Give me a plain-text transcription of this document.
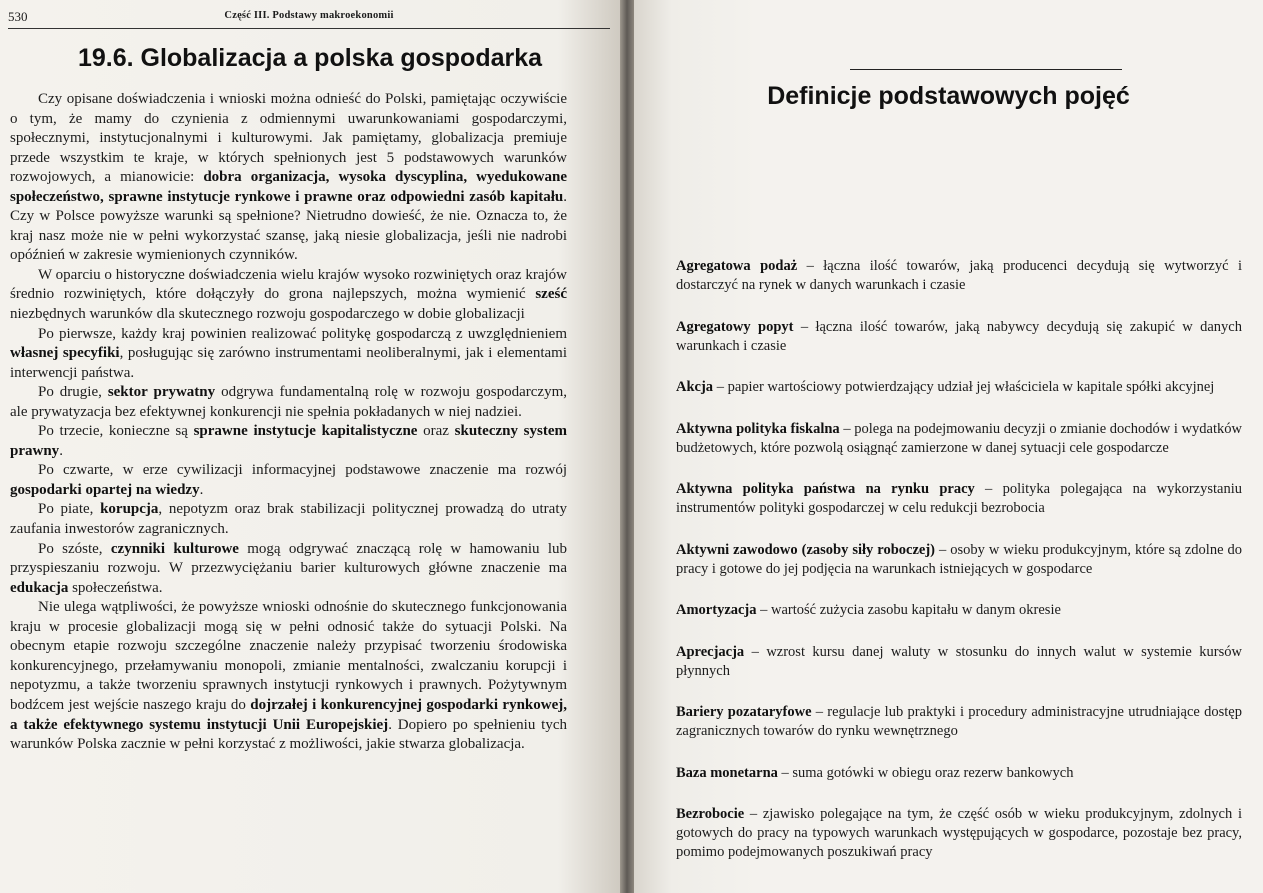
530	Część III. Podstawy makroekonomii
19.6. Globalizacja a polska gospodarka

Czy opisane doświadczenia i wnioski można odnieść do Polski, pamiętając oczywiście o tym, że mamy do czynienia z odmiennymi uwarunkowaniami gospodarczymi, społecznymi, instytucjonalnymi i kulturowymi. Jak pamiętamy, globalizacja premiuje przede wszystkim te kraje, w których spełnionych jest 5 podstawowych warunków rozwojowych, a mianowicie: dobra organizacja, wysoka dyscyplina, wyedukowane społeczeństwo, sprawne instytucje rynkowe i prawne oraz odpowiedni zasób kapitału. Czy w Polsce powyższe warunki są spełnione? Nietrudno dowieść, że nie. Oznacza to, że kraj nasz może nie w pełni wykorzystać szansę, jaką niesie globalizacja, jeśli nie nadrobi opóźnień w zakresie wymienionych czynników.

W oparciu o historyczne doświadczenia wielu krajów wysoko rozwiniętych oraz krajów średnio rozwiniętych, które dołączyły do grona najlepszych, można wymienić sześć niezbędnych warunków dla skutecznego rozwoju gospodarczego w dobie globalizacji

Po pierwsze, każdy kraj powinien realizować politykę gospodarczą z uwzględnieniem własnej specyfiki, posługując się zarówno instrumentami neoliberalnymi, jak i elementami interwencji państwa.

Po drugie, sektor prywatny odgrywa fundamentalną rolę w rozwoju gospodarczym, ale prywatyzacja bez efektywnej konkurencji nie spełnia pokładanych w niej nadziei.

Po trzecie, konieczne są sprawne instytucje kapitalistyczne oraz skuteczny system prawny.

Po czwarte, w erze cywilizacji informacyjnej podstawowe znaczenie ma rozwój gospodarki opartej na wiedzy.

Po piate, korupcja, nepotyzm oraz brak stabilizacji politycznej prowadzą do utraty zaufania inwestorów zagranicznych.

Po szóste, czynniki kulturowe mogą odgrywać znaczącą rolę w hamowaniu lub przyspieszaniu rozwoju. W przezwyciężaniu barier kulturowych główne znaczenie ma edukacja społeczeństwa.

Nie ulega wątpliwości, że powyższe wnioski odnośnie do skutecznego funkcjonowania kraju w procesie globalizacji mogą się w pełni odnosić także do sytuacji Polski. Na obecnym etapie rozwoju szczególne znaczenie należy przypisać tworzeniu środowiska konkurencyjnego, przełamywaniu monopoli, zmianie mentalności, zwalczaniu korupcji i nepotyzmu, a także tworzeniu sprawnych instytucji rynkowych i prawnych. Pożytywnym bodźcem jest wejście naszego kraju do dojrzałej i konkurencyjnej gospodarki rynkowej, a także efektywnego systemu instytucji Unii Europejskiej. Dopiero po spełnieniu tych warunków Polska zacznie w pełni korzystać z możliwości, jakie stwarza globalizacja.

Definicje podstawowych pojęć
Agregatowa podaż – łączna ilość towarów, jaką producenci decydują się wytworzyć i dostarczyć na rynek w danych warunkach i czasie
Agregatowy popyt – łączna ilość towarów, jaką nabywcy decydują się zakupić w danych warunkach i czasie
Akcja – papier wartościowy potwierdzający udział jej właściciela w kapitale spółki akcyjnej
Aktywna polityka fiskalna – polega na podejmowaniu decyzji o zmianie dochodów i wydatków budżetowych, które pozwolą osiągnąć zamierzone w danej sytuacji cele gospodarcze
Aktywna polityka państwa na rynku pracy – polityka polegająca na wykorzystaniu instrumentów polityki gospodarczej w celu redukcji bezrobocia
Aktywni zawodowo (zasoby siły roboczej) – osoby w wieku produkcyjnym, które są zdolne do pracy i gotowe do jej podjęcia na warunkach istniejących w gospodarce
Amortyzacja – wartość zużycia zasobu kapitału w danym okresie
Aprecjacja – wzrost kursu danej waluty w stosunku do innych walut w systemie kursów płynnych
Bariery pozataryfowe – regulacje lub praktyki i procedury administracyjne utrudniające dostęp zagranicznych towarów do rynku wewnętrznego
Baza monetarna – suma gotówki w obiegu oraz rezerw bankowych
Bezrobocie – zjawisko polegające na tym, że część osób w wieku produkcyjnym, zdolnych i gotowych do pracy na typowych warunkach występujących w gospodarce, pozostaje bez pracy, pomimo podejmowanych poszukiwań pracy
